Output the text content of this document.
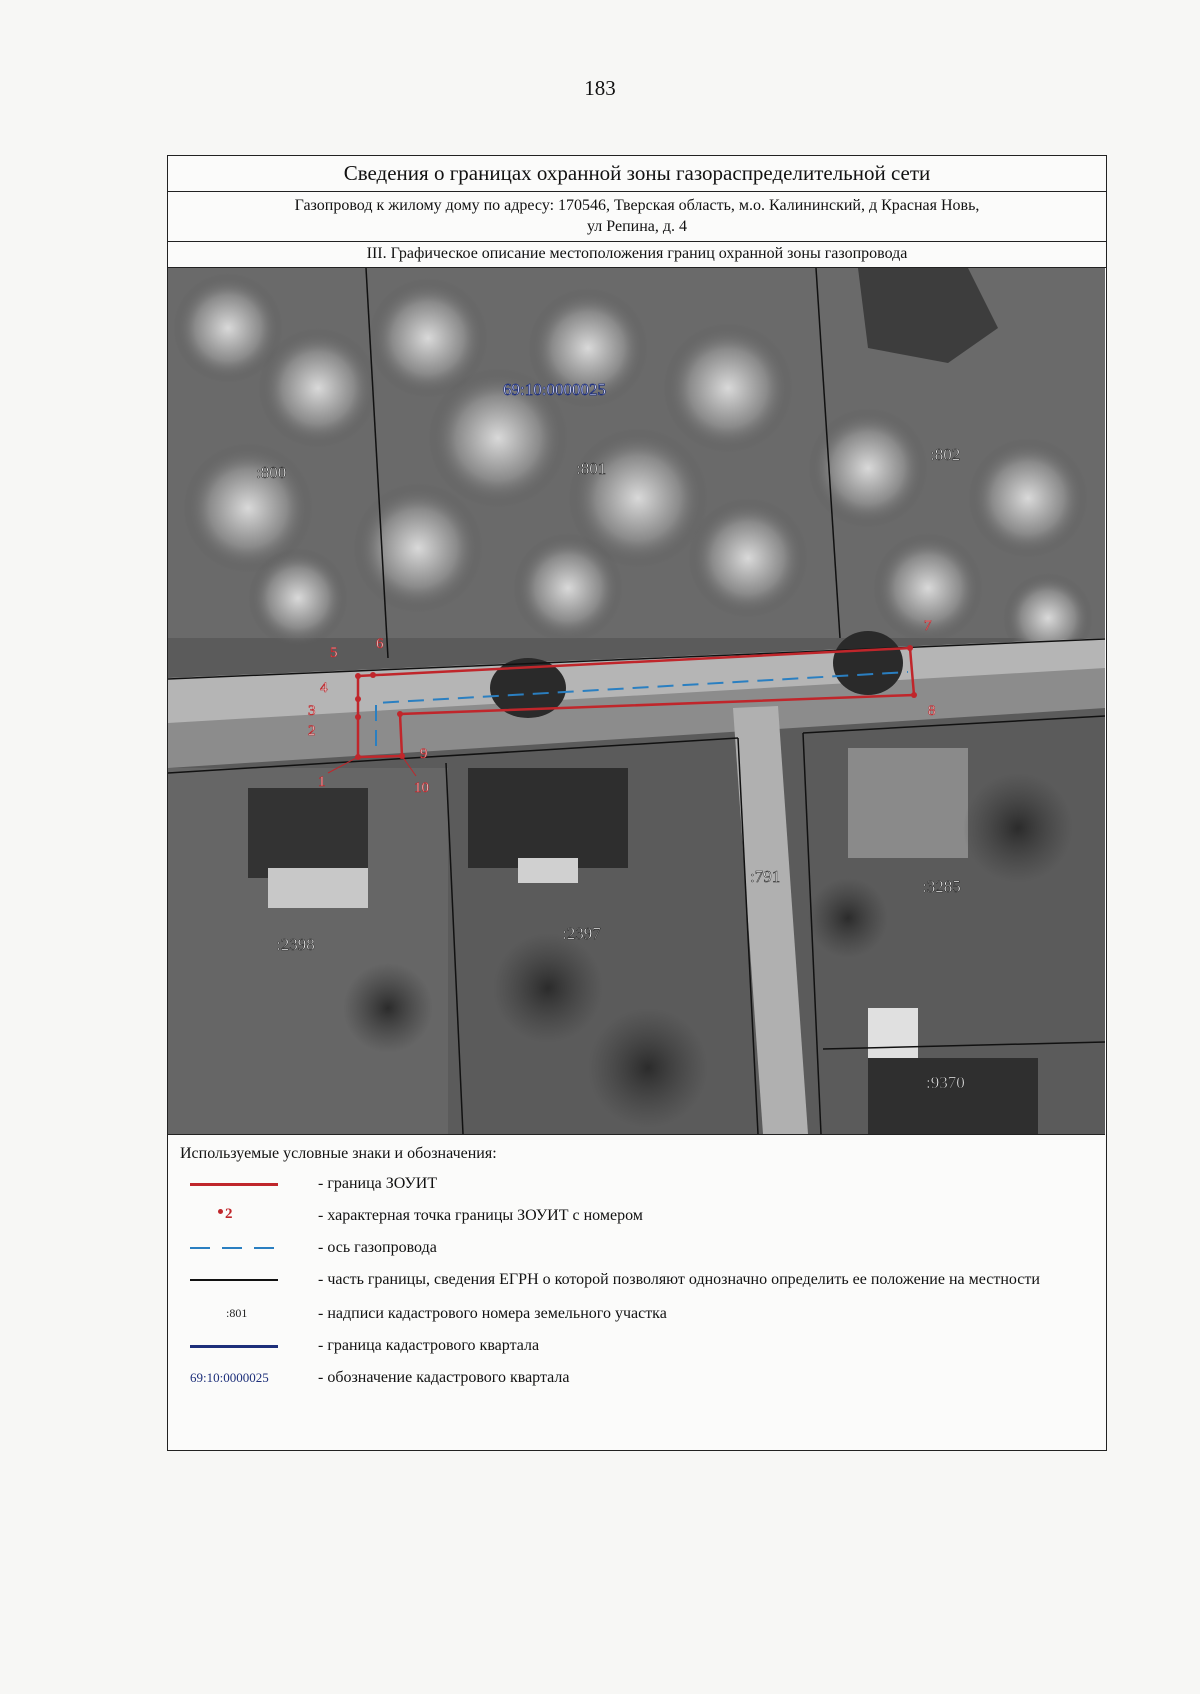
183
Сведения о границах охранной зоны газораспределительной сети
Газопровод к жилому дому по адресу: 170546, Тверская область, м.о. Калининский, д Красная Новь,
ул Репина, д. 4
III. Графическое описание местоположения границ охранной зоны газопровода
1
2
3
4
5
6
7
8
9
10
69:10:0000025
:800	:801
:802
:2398
:2397
:791
:3285
:9370
Используемые условные знаки и обозначения:
- граница ЗОУИТ
2	- характерная точка границы ЗОУИТ с номером
- ось газопровода
- часть границы, сведения ЕГРН о которой позволяют однозначно определить ее положение на местности
:801	- надписи кадастрового номера земельного участка
- граница кадастрового квартала
69:10:0000025	- обозначение кадастрового квартала
